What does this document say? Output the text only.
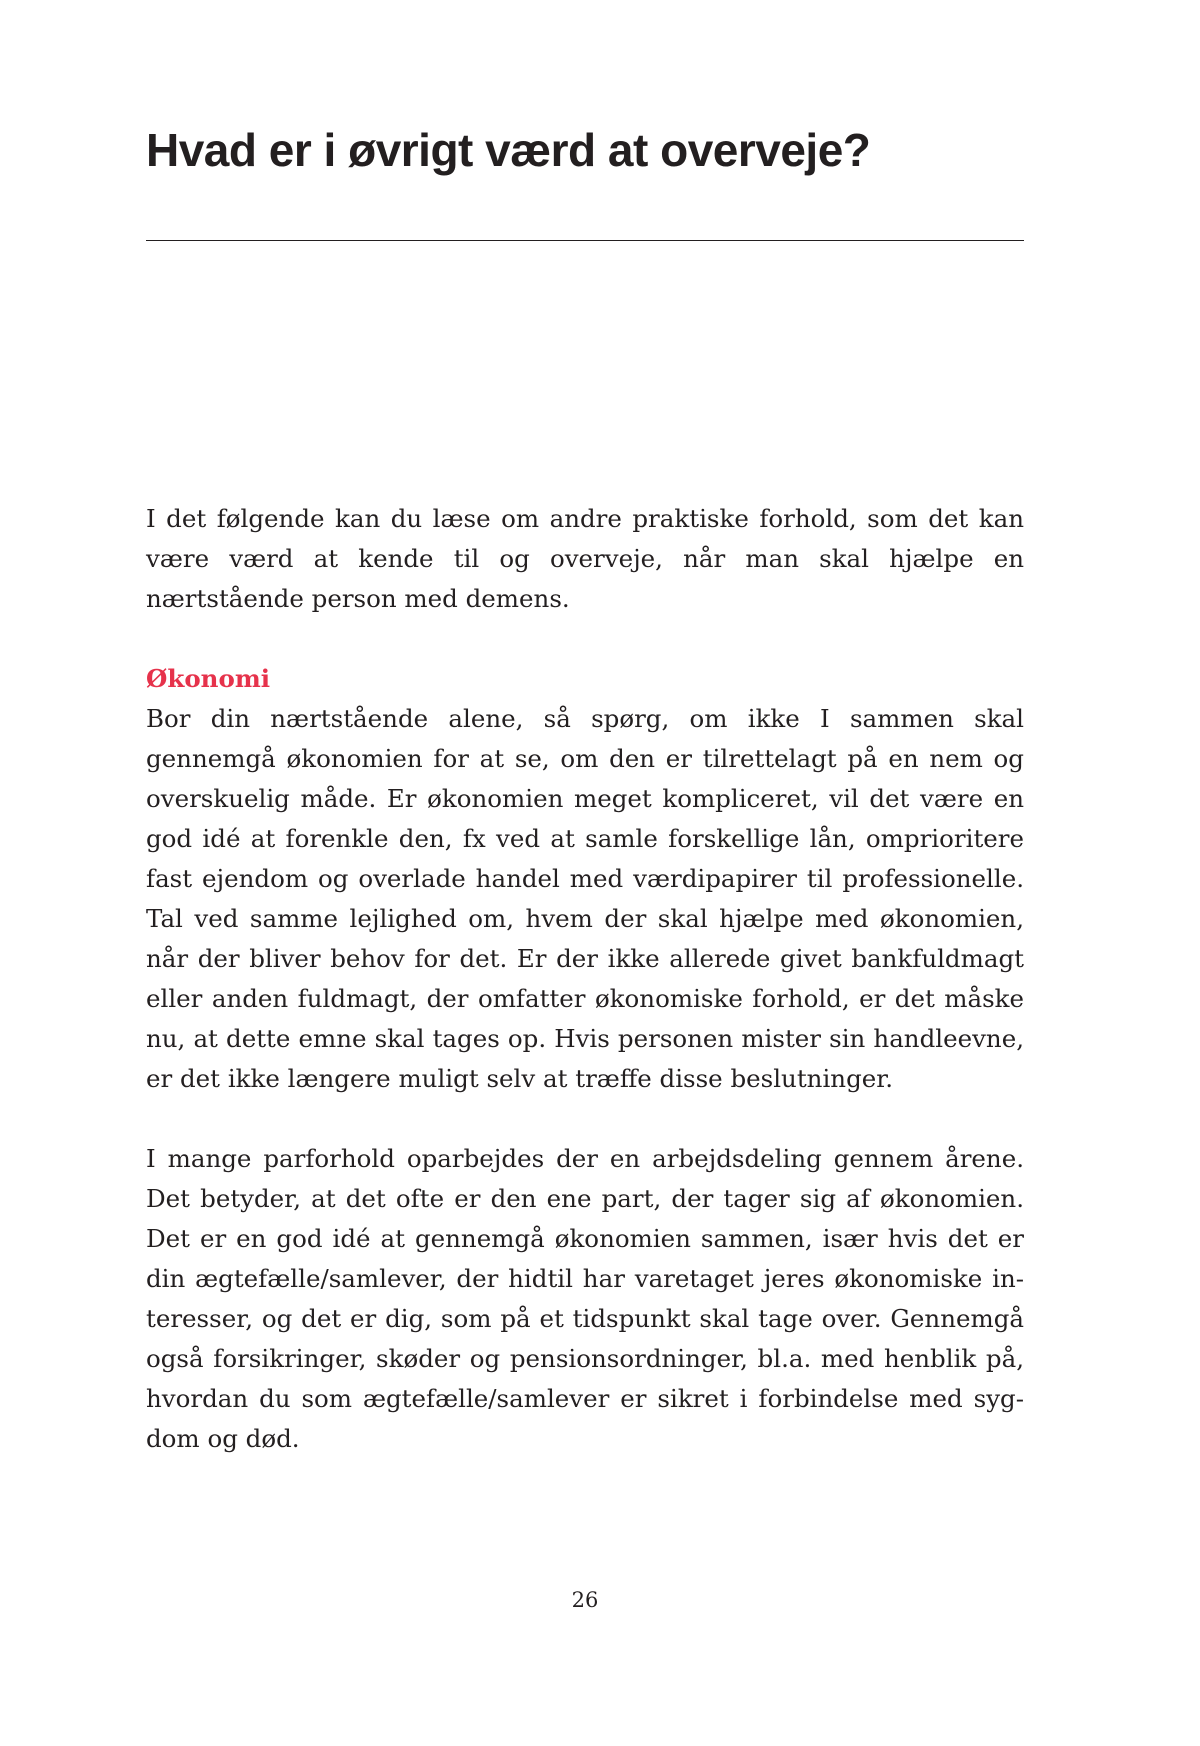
Hvad er i øvrigt værd at overveje?

I det følgende kan du læse om andre praktiske forhold, som det kan være værd at kende til og overveje, når man skal hjælpe en nærtstående person med demens.

Økonomi

Bor din nærtstående alene, så spørg, om ikke I sammen skal gennemgå økonomien for at se, om den er tilrettelagt på en nem og overskuelig måde. Er økonomien meget kompliceret, vil det være en god idé at forenkle den, fx ved at samle forskellige lån, omprioritere fast ejendom og overlade handel med værdipapirer til professionelle. Tal ved samme lejlighed om, hvem der skal hjælpe med økonomien, når der bliver behov for det. Er der ikke allerede givet bankfuldmagt eller anden fuldmagt, der omfatter økonomiske forhold, er det måske nu, at dette emne skal tages op. Hvis personen mister sin handleevne, er det ikke længere muligt selv at træffe disse beslutninger.

I mange parforhold oparbejdes der en arbejdsdeling gennem årene. Det betyder, at det ofte er den ene part, der tager sig af økonomien. Det er en god idé at gennemgå økonomien sammen, især hvis det er din ægtefælle/samlever, der hidtil har varetaget jeres økonomiske interesser, og det er dig, som på et tidspunkt skal tage over. Gennemgå også forsikringer, skøder og pensionsordninger, bl.a. med henblik på, hvordan du som ægtefælle/samlever er sikret i forbindelse med sygdom og død.

26
